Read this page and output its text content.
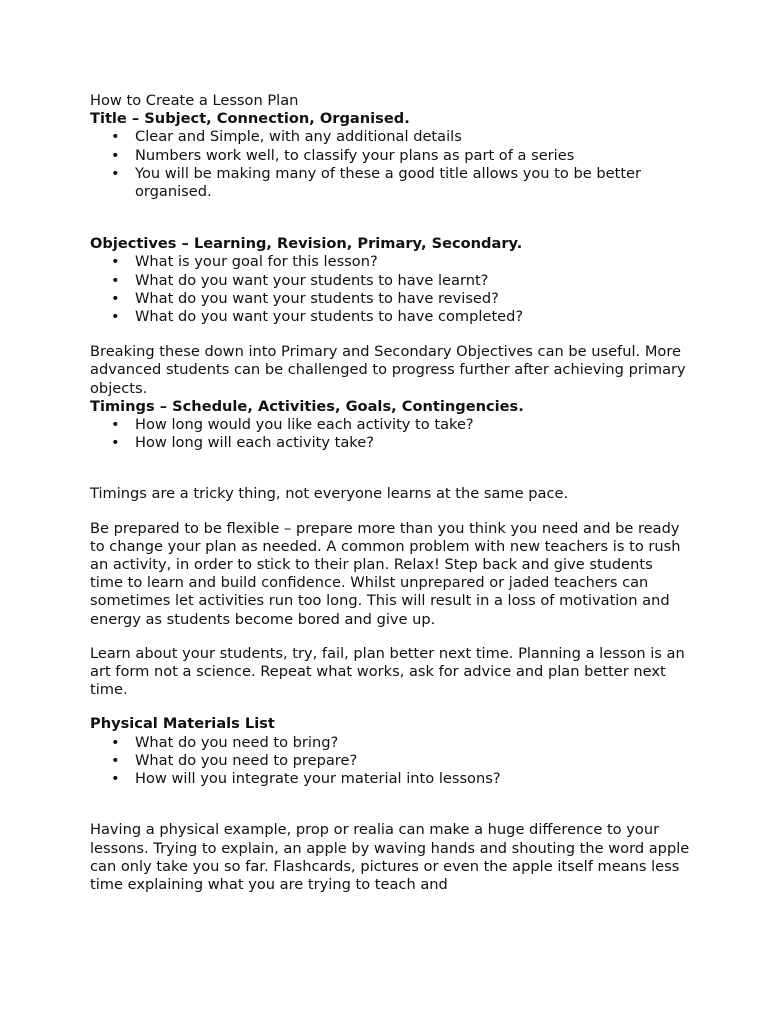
How to Create a Lesson Plan

Title – Subject, Connection, Organised.

• Clear and Simple, with any additional details
• Numbers work well, to classify your plans as part of a series
• You will be making many of these a good title allows you to be better organised.

Objectives – Learning, Revision, Primary, Secondary.

• What is your goal for this lesson?
• What do you want your students to have learnt?
• What do you want your students to have revised?
• What do you want your students to have completed?

Breaking these down into Primary and Secondary Objectives can be useful. More advanced students can be challenged to progress further after achieving primary objects.

Timings – Schedule, Activities, Goals, Contingencies.

• How long would you like each activity to take?
• How long will each activity take?

Timings are a tricky thing, not everyone learns at the same pace.

Be prepared to be flexible – prepare more than you think you need and be ready to change your plan as needed. A common problem with new teachers is to rush an activity, in order to stick to their plan. Relax! Step back and give students time to learn and build confidence. Whilst unprepared or jaded teachers can sometimes let activities run too long. This will result in a loss of motivation and energy as students become bored and give up.

Learn about your students, try, fail, plan better next time. Planning a lesson is an art form not a science. Repeat what works, ask for advice and plan better next time.

Physical Materials List

• What do you need to bring?
• What do you need to prepare?
• How will you integrate your material into lessons?

Having a physical example, prop or realia can make a huge difference to your lessons. Trying to explain, an apple by waving hands and shouting the word apple can only take you so far. Flashcards, pictures or even the apple itself means less time explaining what you are trying to teach and
